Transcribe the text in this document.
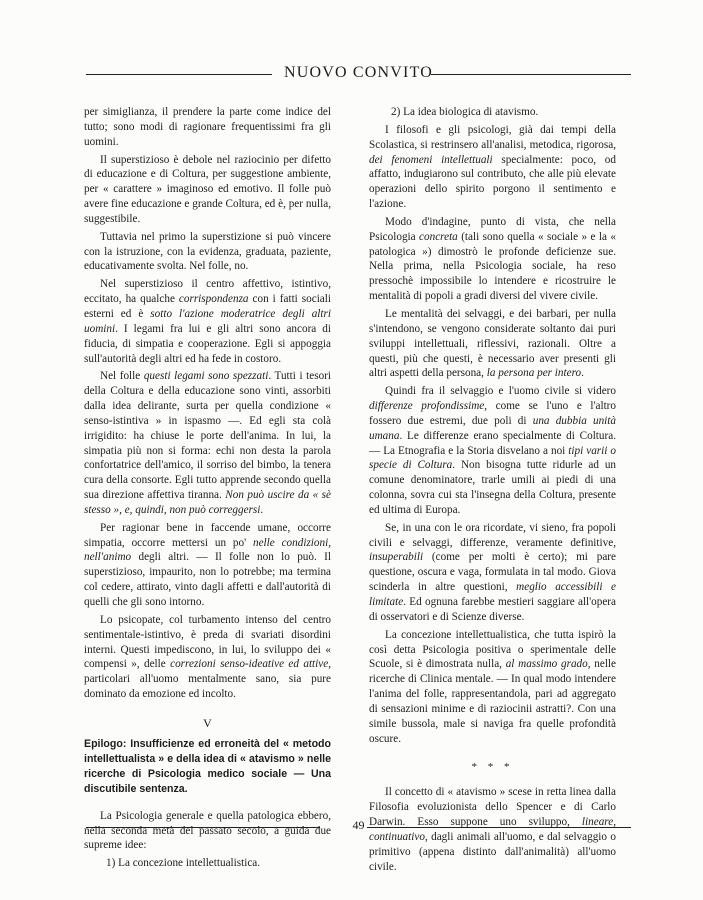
NUOVO CONVITO

per simiglianza, il prendere la parte come indice del tutto; sono modi di ragionare frequentissimi fra gli uomini.

Il superstizioso è debole nel raziocinio per difetto di educazione e di Coltura, per suggestione ambiente, per « carattere » imaginoso ed emotivo. Il folle può avere fine educazione e grande Coltura, ed è, per nulla, suggestibile.

Tuttavia nel primo la superstizione si può vincere con la istruzione, con la evidenza, graduata, paziente, educativamente svolta. Nel folle, no.

Nel superstizioso il centro affettivo, istintivo, eccitato, ha qualche corrispondenza con i fatti sociali esterni ed è sotto l'azione moderatrice degli altri uomini. I legami fra lui e gli altri sono ancora di fiducia, di simpatia e cooperazione. Egli si appoggia sull'autorità degli altri ed ha fede in costoro.

Nel folle questi legami sono spezzati. Tutti i tesori della Coltura e della educazione sono vinti, assorbiti dalla idea delirante, surta per quella condizione « senso-istintiva » in ispasmo —. Ed egli sta colà irrigidito: ha chiuse le porte dell'anima. In lui, la simpatia più non si forma: echi non desta la parola confortatrice dell'amico, il sorriso del bimbo, la tenera cura della consorte. Egli tutto apprende secondo quella sua direzione affettiva tiranna. Non può uscire da « sè stesso », e, quindi, non può correggersi.

Per ragionar bene in faccende umane, occorre simpatia, occorre mettersi un po' nelle condizioni, nell'animo degli altri. — Il folle non lo può. Il superstizioso, impaurito, non lo potrebbe; ma termina col cedere, attirato, vinto dagli affetti e dall'autorità di quelli che gli sono intorno.

Lo psicopate, col turbamento intenso del centro sentimentale-istintivo, è preda di svariati disordini interni. Questi impediscono, in lui, lo sviluppo dei « compensi », delle correzioni senso-ideative ed attive, particolari all'uomo mentalmente sano, sia pure dominato da emozione ed incolto.

V
Epilogo: Insufficienze ed erroneità del « metodo intellettualista » e della idea di « atavismo » nelle ricerche di Psicologia medico sociale — Una discutibile sentenza.

La Psicologia generale e quella patologica ebbero, nella seconda metà del passato secolo, a guida due supreme idee:

1) La concezione intellettualistica.

2) La idea biologica di atavismo.

I filosofi e gli psicologi, già dai tempi della Scolastica, si restrinsero all'analisi, metodica, rigorosa, dei fenomeni intellettuali specialmente: poco, od affatto, indugiarono sul contributo, che alle più elevate operazioni dello spirito porgono il sentimento e l'azione.

Modo d'indagine, punto di vista, che nella Psicologia concreta (tali sono quella « sociale » e la « patologica ») dimostrò le profonde deficienze sue. Nella prima, nella Psicologia sociale, ha reso pressochè impossibile lo intendere e ricostruire le mentalità di popoli a gradi diversi del vivere civile.

Le mentalità dei selvaggi, e dei barbari, per nulla s'intendono, se vengono considerate soltanto dai puri sviluppi intellettuali, riflessivi, razionali. Oltre a questi, più che questi, è necessario aver presenti gli altri aspetti della persona, la persona per intero.

Quindi fra il selvaggio e l'uomo civile si videro differenze profondissime, come se l'uno e l'altro fossero due estremi, due poli di una dubbia unità umana. Le differenze erano specialmente di Coltura. — La Etnografia e la Storia disvelano a noi tipi varii o specie di Coltura. Non bisogna tutte ridurle ad un comune denominatore, trarle umili ai piedi di una colonna, sovra cui sta l'insegna della Coltura, presente ed ultima di Europa.

Se, in una con le ora ricordate, vi sieno, fra popoli civili e selvaggi, differenze, veramente definitive, insuperabili (come per molti è certo); mi pare questione, oscura e vaga, formulata in tal modo. Giova scinderla in altre questioni, meglio accessibili e limitate. Ed ognuna farebbe mestieri saggiare all'opera di osservatori e di Scienze diverse.

La concezione intellettualistica, che tutta ispirò la così detta Psicologia positiva o sperimentale delle Scuole, si è dimostrata nulla, al massimo grado, nelle ricerche di Clinica mentale. — In qual modo intendere l'anima del folle, rappresentandola, pari ad aggregato di sensazioni minime e di raziocinii astratti?. Con una simile bussola, male si naviga fra quelle profondità oscure.

* * *

Il concetto di « atavismo » scese in retta linea dalla Filosofia evoluzionista dello Spencer e di Carlo Darwin. Esso suppone uno sviluppo, lineare, continuativo, dagli animali all'uomo, e dal selvaggio o primitivo (appena distinto dall'animalità) all'uomo civile.

49
